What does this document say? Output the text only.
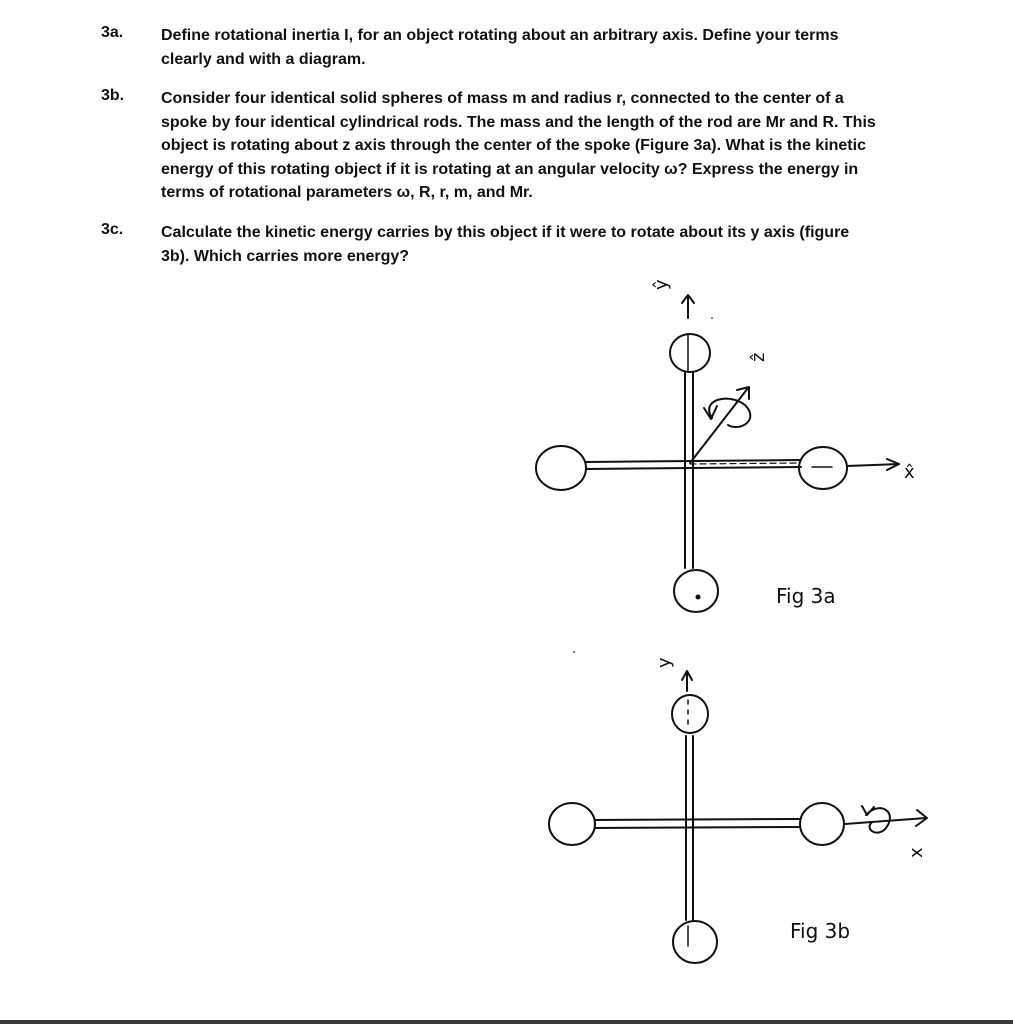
3a. Define rotational inertia I, for an object rotating about an arbitrary axis. Define your terms clearly and with a diagram.
3b. Consider four identical solid spheres of mass m and radius r, connected to the center of a spoke by four identical cylindrical rods. The mass and the length of the rod are Mr and R. This object is rotating about z axis through the center of the spoke (Figure 3a). What is the kinetic energy of this rotating object if it is rotating at an angular velocity ω? Express the energy in terms of rotational parameters ω, R, r, m, and Mr.
3c. Calculate the kinetic energy carries by this object if it were to rotate about its y axis (figure 3b). Which carries more energy?
ŷ
ẑ
x̂
Fig 3a
y
x
Fig 3b
